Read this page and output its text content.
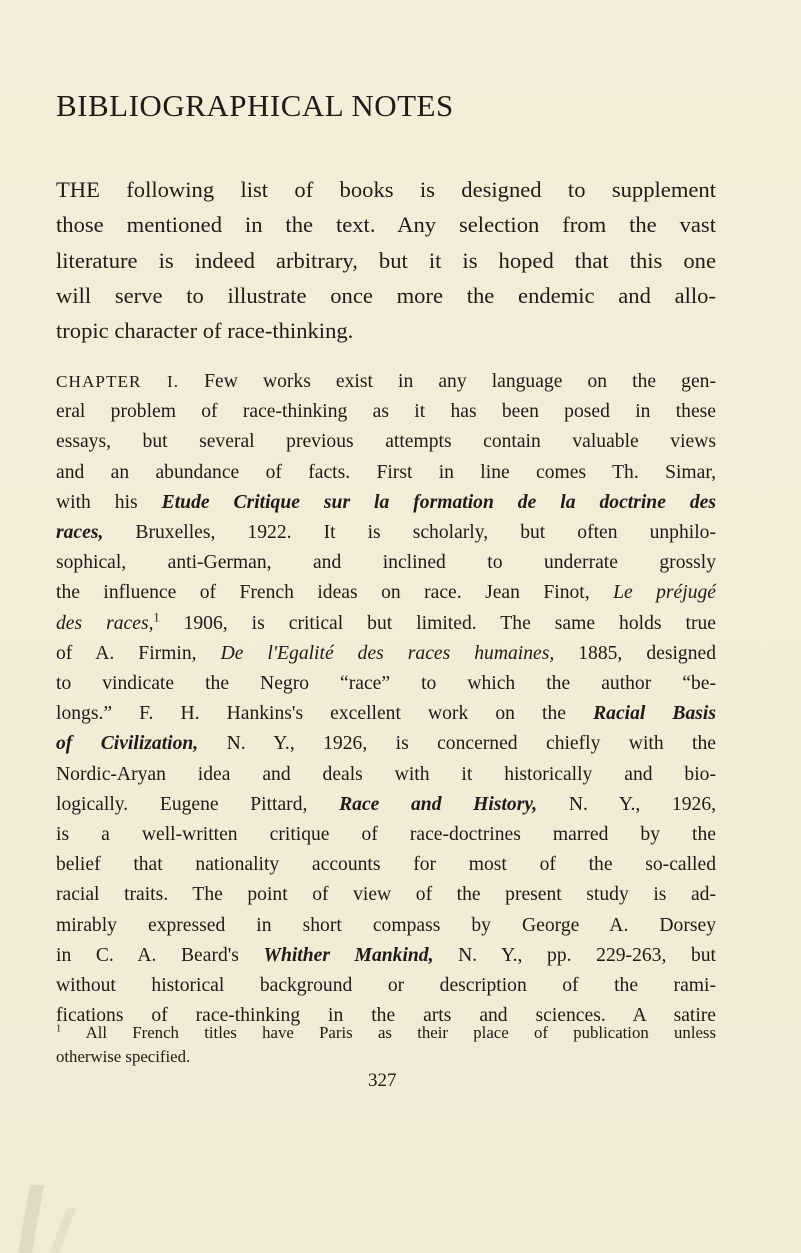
BIBLIOGRAPHICAL NOTES
THE following list of books is designed to supplement
those mentioned in the text. Any selection from the vast
literature is indeed arbitrary, but it is hoped that this one
will serve to illustrate once more the endemic and allo-
tropic character of race-thinking.
CHAPTER I. Few works exist in any language on the gen-
eral problem of race-thinking as it has been posed in these
essays, but several previous attempts contain valuable views
and an abundance of facts. First in line comes Th. Simar,
with his Etude Critique sur la formation de la doctrine des
races, Bruxelles, 1922. It is scholarly, but often unphilo-
sophical, anti-German, and inclined to underrate grossly
the influence of French ideas on race. Jean Finot, Le préjugé
des races,$^1$ 1906, is critical but limited. The same holds true
of A. Firmin, De l'Egalité des races humaines, 1885, designed
to vindicate the Negro “race” to which the author “be-
longs.” F. H. Hankins's excellent work on the Racial Basis
of Civilization, N. Y., 1926, is concerned chiefly with the
Nordic-Aryan idea and deals with it historically and bio-
logically. Eugene Pittard, Race and History, N. Y., 1926,
is a well-written critique of race-doctrines marred by the
belief that nationality accounts for most of the so-called
racial traits. The point of view of the present study is ad-
mirably expressed in short compass by George A. Dorsey
in C. A. Beard's Whither Mankind, N. Y., pp. 229-263, but
without historical background or description of the rami-
fications of race-thinking in the arts and sciences. A satire
$^1$ All French titles have Paris as their place of publication unless
otherwise specified.
327
